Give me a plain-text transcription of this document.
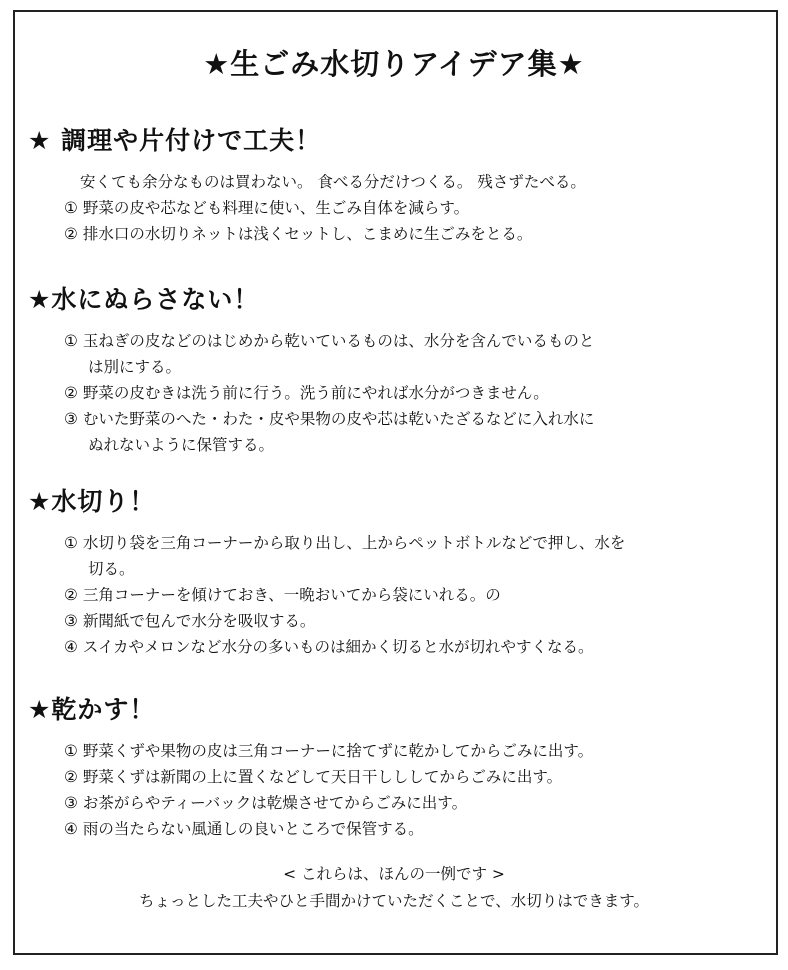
★生ごみ水切りアイデア集★
★ 調理や片付けで工夫！
安くても余分なものは買わない。 食べる分だけつくる。 残さずたべる。
① 野菜の皮や芯なども料理に使い、生ごみ自体を減らす。
② 排水口の水切りネットは浅くセットし、こまめに生ごみをとる。
★水にぬらさない！
① 玉ねぎの皮などのはじめから乾いているものは、水分を含んでいるものと
は別にする。
② 野菜の皮むきは洗う前に行う。洗う前にやれば水分がつきません。
③ むいた野菜のへた・わた・皮や果物の皮や芯は乾いたざるなどに入れ水に
ぬれないように保管する。
★水切り！
① 水切り袋を三角コーナーから取り出し、上からペットボトルなどで押し、水を
切る。
② 三角コーナーを傾けておき、一晩おいてから袋にいれる。の
③ 新聞紙で包んで水分を吸収する。
④ スイカやメロンなど水分の多いものは細かく切ると水が切れやすくなる。
★乾かす！
① 野菜くずや果物の皮は三角コーナーに捨てずに乾かしてからごみに出す。
② 野菜くずは新聞の上に置くなどして天日干しししてからごみに出す。
③ お茶がらやティーバックは乾燥させてからごみに出す。
④ 雨の当たらない風通しの良いところで保管する。
< これらは、ほんの一例です >
ちょっとした工夫やひと手間かけていただくことで、水切りはできます。
